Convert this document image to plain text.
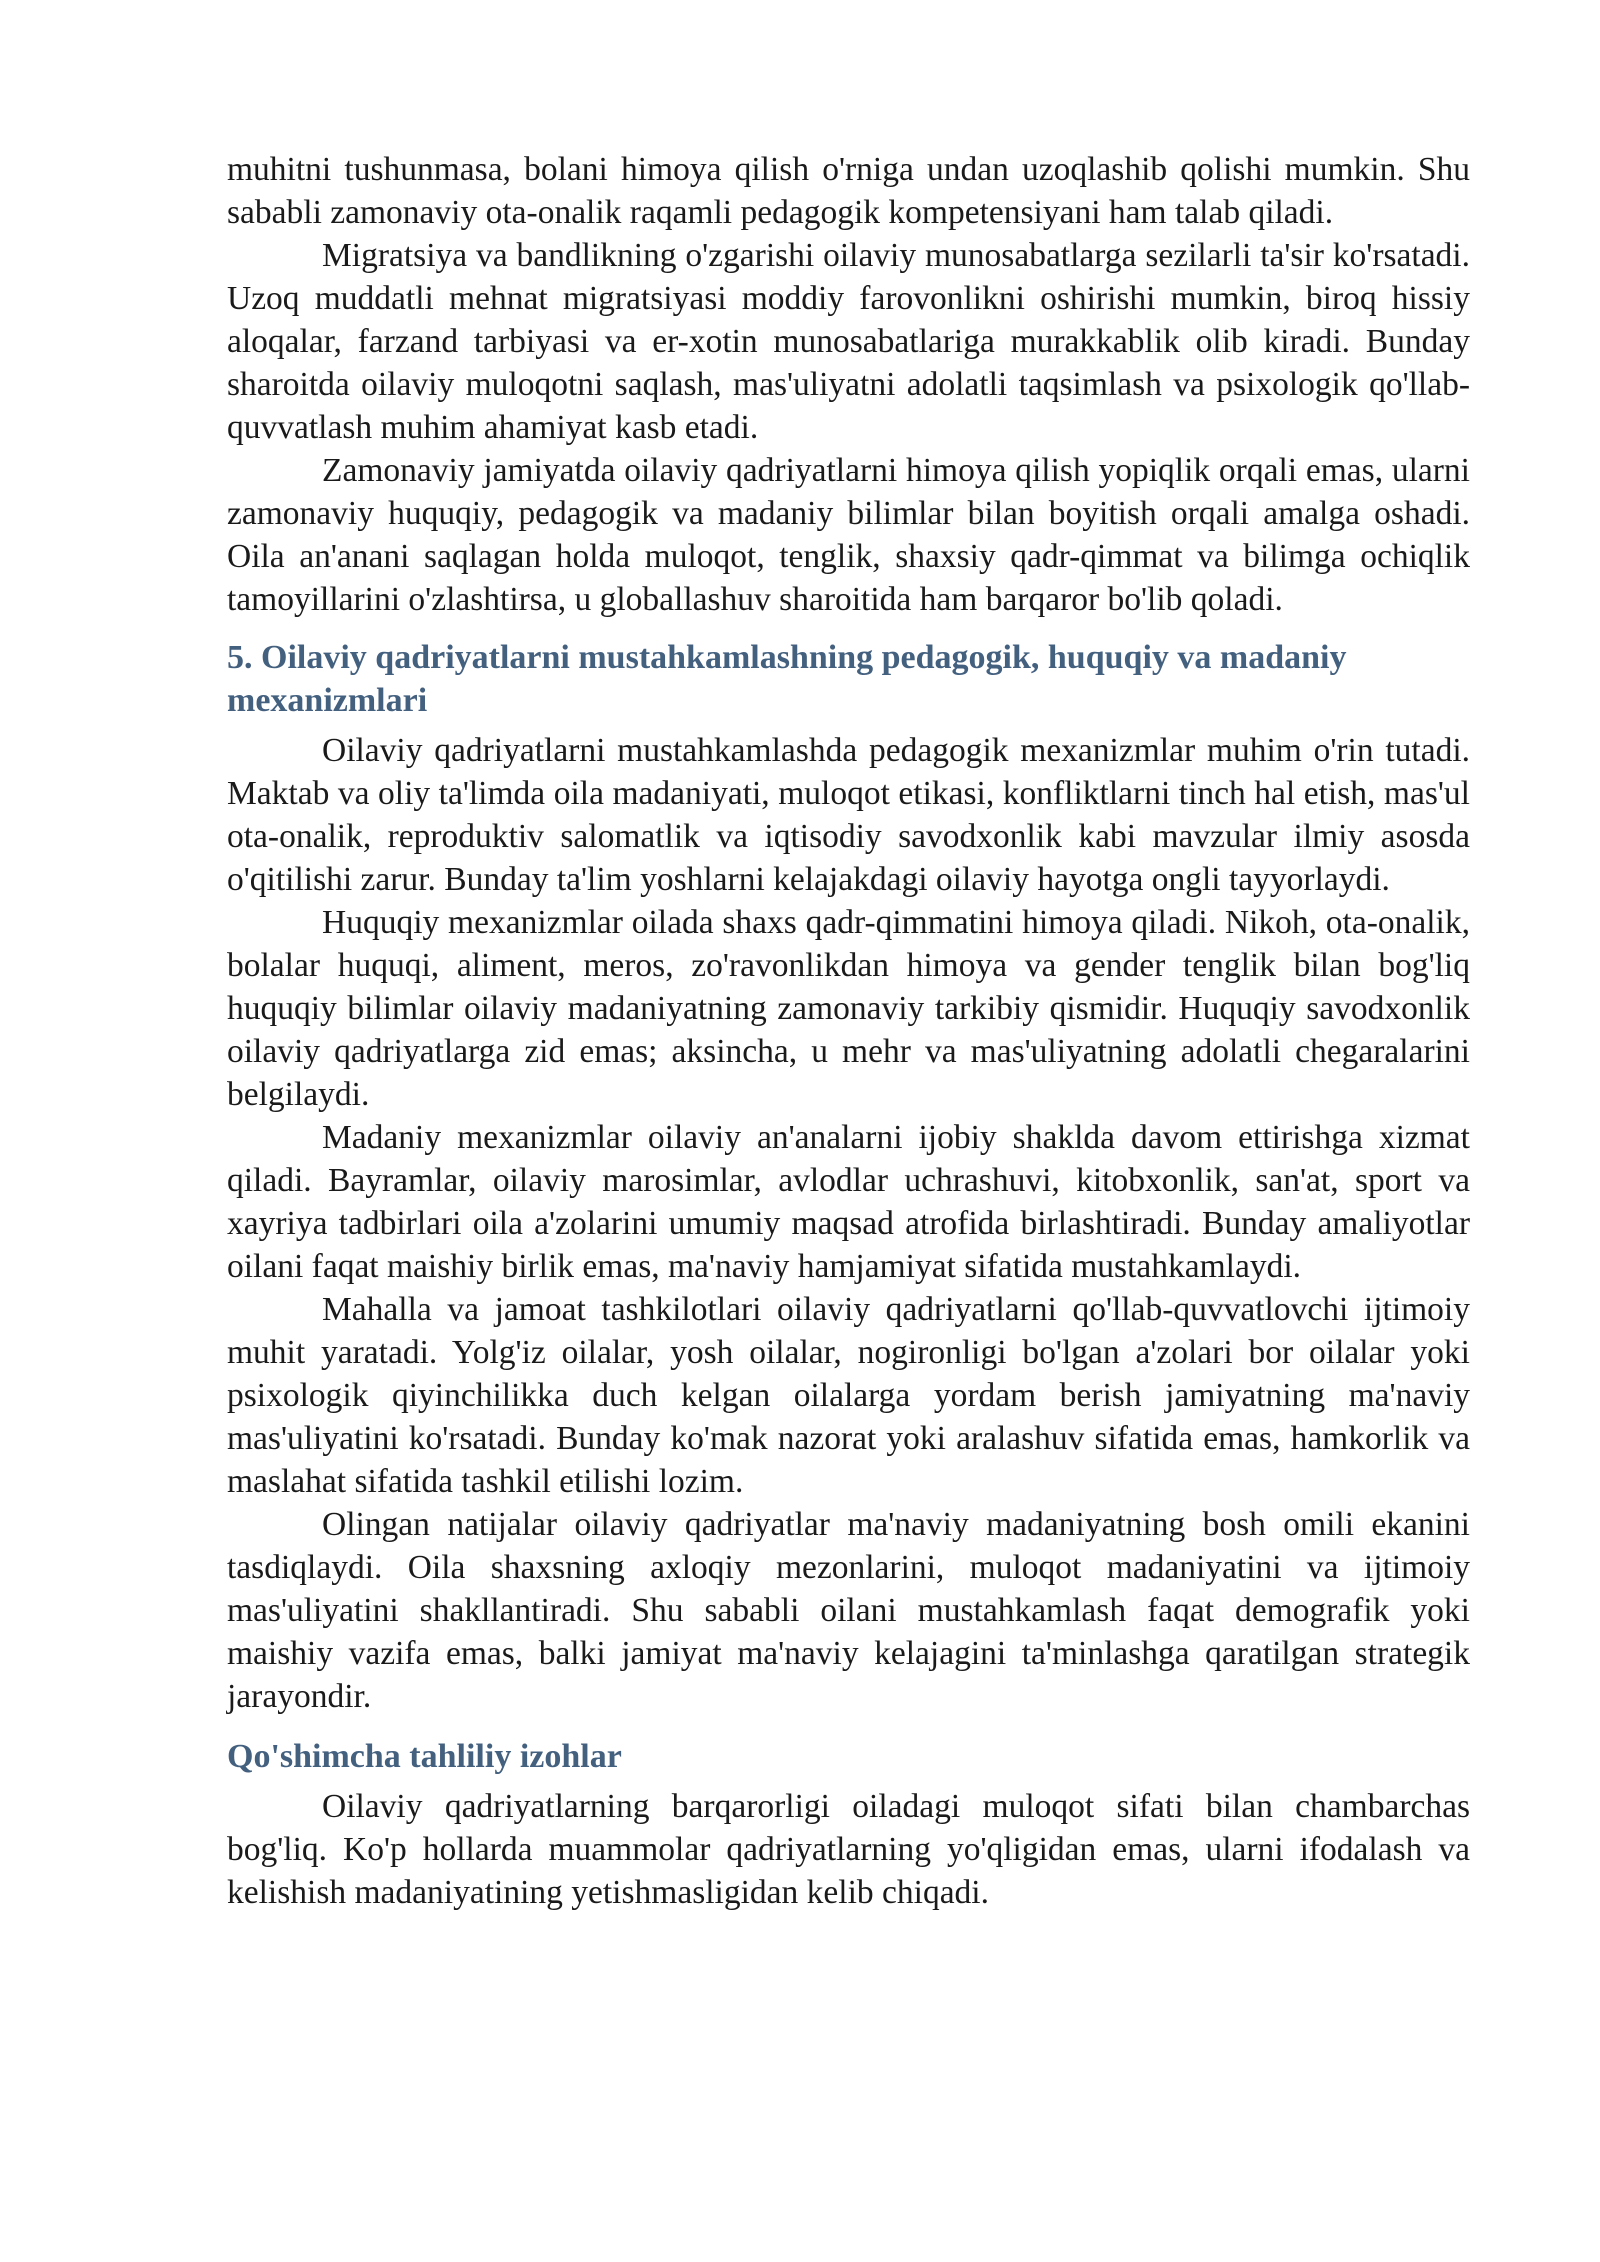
muhitni tushunmasa, bolani himoya qilish o'rniga undan uzoqlashib qolishi mumkin. Shu sababli zamonaviy ota-onalik raqamli pedagogik kompetensiyani ham talab qiladi.

Migratsiya va bandlikning o'zgarishi oilaviy munosabatlarga sezilarli ta'sir ko'rsatadi. Uzoq muddatli mehnat migratsiyasi moddiy farovonlikni oshirishi mumkin, biroq hissiy aloqalar, farzand tarbiyasi va er-xotin munosabatlariga murakkablik olib kiradi. Bunday sharoitda oilaviy muloqotni saqlash, mas'uliyatni adolatli taqsimlash va psixologik qo'llab-quvvatlash muhim ahamiyat kasb etadi.

Zamonaviy jamiyatda oilaviy qadriyatlarni himoya qilish yopiqlik orqali emas, ularni zamonaviy huquqiy, pedagogik va madaniy bilimlar bilan boyitish orqali amalga oshadi. Oila an'anani saqlagan holda muloqot, tenglik, shaxsiy qadr-qimmat va bilimga ochiqlik tamoyillarini o'zlashtirsa, u globallashuv sharoitida ham barqaror bo'lib qoladi.

5. Oilaviy qadriyatlarni mustahkamlashning pedagogik, huquqiy va madaniy mexanizmlari

Oilaviy qadriyatlarni mustahkamlashda pedagogik mexanizmlar muhim o'rin tutadi. Maktab va oliy ta'limda oila madaniyati, muloqot etikasi, konfliktlarni tinch hal etish, mas'ul ota-onalik, reproduktiv salomatlik va iqtisodiy savodxonlik kabi mavzular ilmiy asosda o'qitilishi zarur. Bunday ta'lim yoshlarni kelajakdagi oilaviy hayotga ongli tayyorlaydi.

Huquqiy mexanizmlar oilada shaxs qadr-qimmatini himoya qiladi. Nikoh, ota-onalik, bolalar huquqi, aliment, meros, zo'ravonlikdan himoya va gender tenglik bilan bog'liq huquqiy bilimlar oilaviy madaniyatning zamonaviy tarkibiy qismidir. Huquqiy savodxonlik oilaviy qadriyatlarga zid emas; aksincha, u mehr va mas'uliyatning adolatli chegaralarini belgilaydi.

Madaniy mexanizmlar oilaviy an'analarni ijobiy shaklda davom ettirishga xizmat qiladi. Bayramlar, oilaviy marosimlar, avlodlar uchrashuvi, kitobxonlik, san'at, sport va xayriya tadbirlari oila a'zolarini umumiy maqsad atrofida birlashtiradi. Bunday amaliyotlar oilani faqat maishiy birlik emas, ma'naviy hamjamiyat sifatida mustahkamlaydi.

Mahalla va jamoat tashkilotlari oilaviy qadriyatlarni qo'llab-quvvatlovchi ijtimoiy muhit yaratadi. Yolg'iz oilalar, yosh oilalar, nogironligi bo'lgan a'zolari bor oilalar yoki psixologik qiyinchilikka duch kelgan oilalarga yordam berish jamiyatning ma'naviy mas'uliyatini ko'rsatadi. Bunday ko'mak nazorat yoki aralashuv sifatida emas, hamkorlik va maslahat sifatida tashkil etilishi lozim.

Olingan natijalar oilaviy qadriyatlar ma'naviy madaniyatning bosh omili ekanini tasdiqlaydi. Oila shaxsning axloqiy mezonlarini, muloqot madaniyatini va ijtimoiy mas'uliyatini shakllantiradi. Shu sababli oilani mustahkamlash faqat demografik yoki maishiy vazifa emas, balki jamiyat ma'naviy kelajagini ta'minlashga qaratilgan strategik jarayondir.

Qo'shimcha tahliliy izohlar

Oilaviy qadriyatlarning barqarorligi oiladagi muloqot sifati bilan chambarchas bog'liq. Ko'p hollarda muammolar qadriyatlarning yo'qligidan emas, ularni ifodalash va kelishish madaniyatining yetishmasligidan kelib chiqadi.
